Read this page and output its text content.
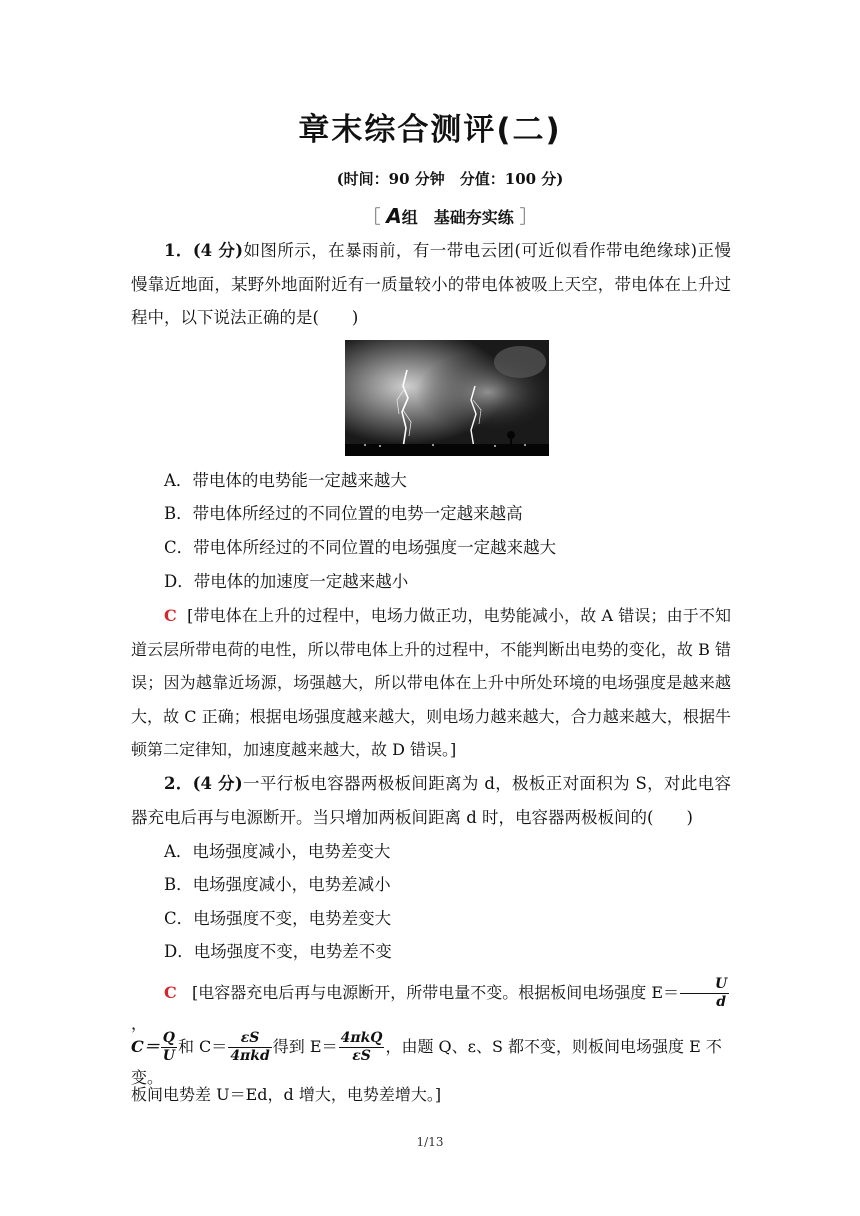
章末综合测评(二)
(时间：90 分钟　分值：100 分)
［ A组　基础夯实练 ］
1．(4 分)如图所示，在暴雨前，有一带电云团(可近似看作带电绝缘球)正慢慢靠近地面，某野外地面附近有一质量较小的带电体被吸上天空，带电体在上升过程中，以下说法正确的是(　　)
A．带电体的电势能一定越来越大
B．带电体所经过的不同位置的电势一定越来越高
C．带电体所经过的不同位置的电场强度一定越来越大
D．带电体的加速度一定越来越小
C [带电体在上升的过程中，电场力做正功，电势能减小，故 A 错误；由于不知道云层所带电荷的电性，所以带电体上升的过程中，不能判断出电势的变化，故 B 错误；因为越靠近场源，场强越大，所以带电体在上升中所处环境的电场强度是越来越大，故 C 正确；根据电场强度越来越大，则电场力越来越大，合力越来越大，根据牛顿第二定律知，加速度越来越大，故 D 错误。]
2．(4 分)一平行板电容器两极板间距离为 d，极板正对面积为 S，对此电容器充电后再与电源断开。当只增加两板间距离 d 时，电容器两极板间的(　　)
A．电场强度减小，电势差变大
B．电场强度减小，电势差减小
C．电场强度不变，电势差变大
D．电场强度不变，电势差不变
C [电容器充电后再与电源断开，所带电量不变。根据板间电场强度 $E= \frac{U}{d}$
，
$C= \frac{Q}{U}$ 和 $C= \frac{\varepsilon S}{\text{4πkd}}$ 得到 $E= \frac{\text{4πkQ}}{\varepsilon S}$ ，由题 Q、ε、S 都不变，则板间电场强度 E 不变。
板间电势差 U＝Ed，d 增大，电势差增大。]
1/13
